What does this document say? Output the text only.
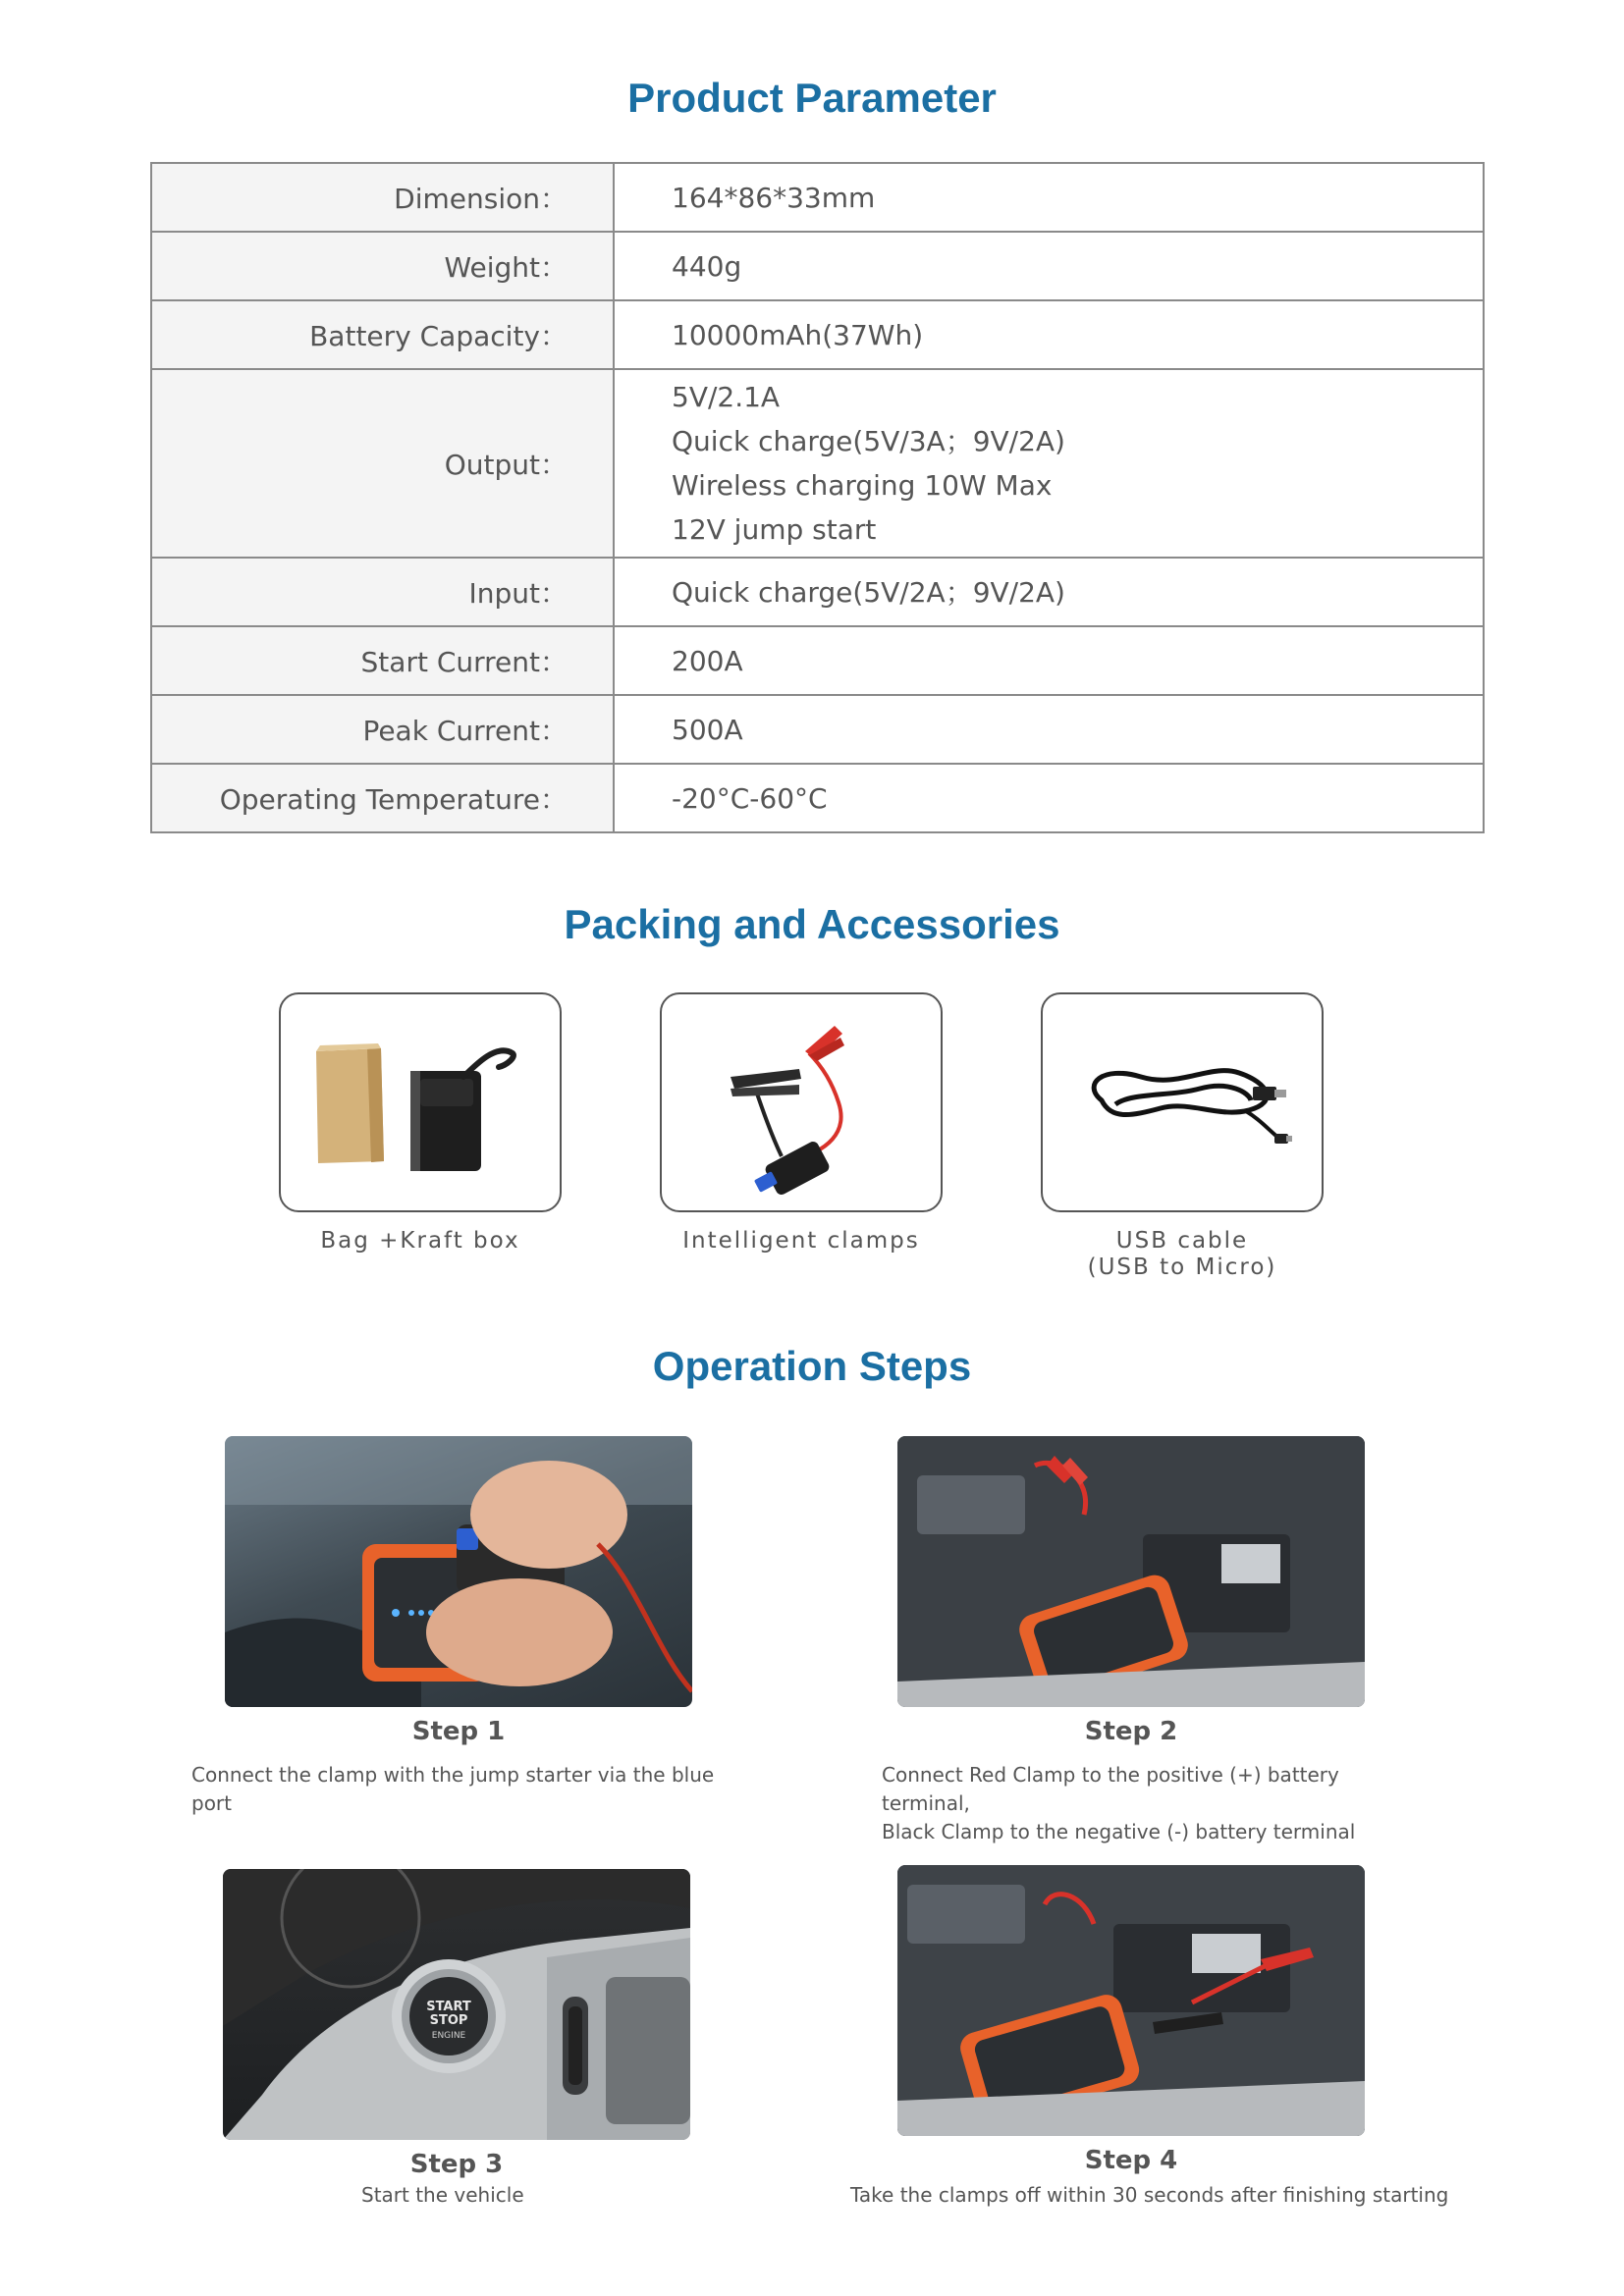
Product Parameter
Dimension：	164*86*33mm

Weight：	440g

Battery Capacity：	10000mAh(37Wh)

Output：	5V/2.1A
Quick charge(5V/3A；9V/2A)
Wireless charging 10W Max
12V jump start

Input：	Quick charge(5V/2A；9V/2A)

Start Current：	200A

Peak Current：	500A

Operating Temperature：	-20°C-60°C
Packing and Accessories
Bag +Kraft box	Intelligent clamps	USB cable
(USB to Micro)
Operation Steps
Step 1
Connect the clamp with the jump starter via the blue port
Step 2
Connect Red Clamp to the positive (+) battery terminal,
Black Clamp to the negative (-) battery terminal
START
STOP
ENGINE
Step 3
Start the vehicle
Step 4
Take the clamps off within 30 seconds after finishing starting
